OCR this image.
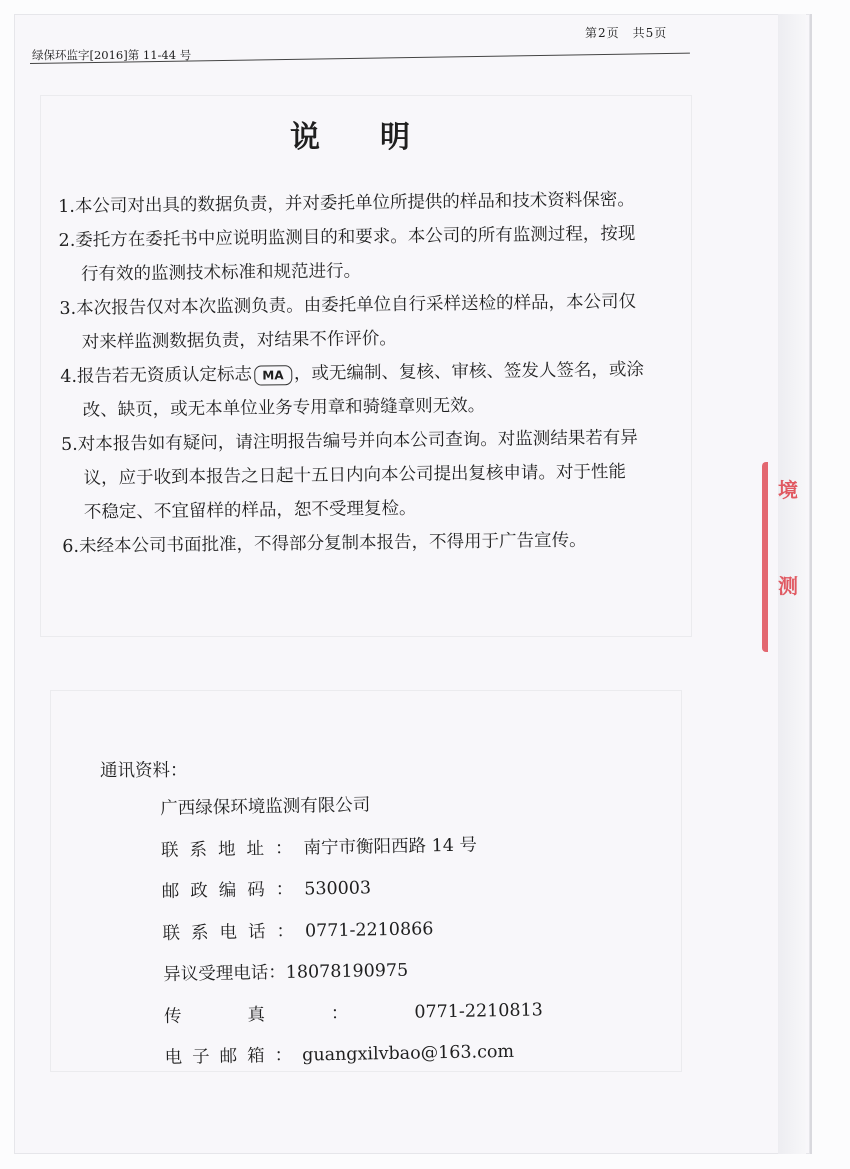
第2页　共5页
绿保环监字[2016]第 11-44 号
说明

1.本公司对出具的数据负责，并对委托单位所提供的样品和技术资料保密。

2.委托方在委托书中应说明监测目的和要求。本公司的所有监测过程，按现
行有效的监测技术标准和规范进行。

3.本次报告仅对本次监测负责。由委托单位自行采样送检的样品，本公司仅
对来样监测数据负责，对结果不作评价。

4.报告若无资质认定标志 MA ，或无编制、复核、审核、签发人签名，或涂
改、缺页，或无本单位业务专用章和骑缝章则无效。

5.对本报告如有疑问，请注明报告编号并向本公司查询。对监测结果若有异
议，应于收到本报告之日起十五日内向本公司提出复核申请。对于性能
不稳定、不宜留样的样品，恕不受理复检。

6.未经本公司书面批准，不得部分复制本报告，不得用于广告宣传。

通讯资料：
广西绿保环境监测有限公司
联系地址：南宁市衡阳西路 14 号
邮政编码：530003
联系电话：0771-2210866
异议受理电话：18078190975
传真：0771-2210813
电子邮箱：guangxilvbao@163.com
境
测
